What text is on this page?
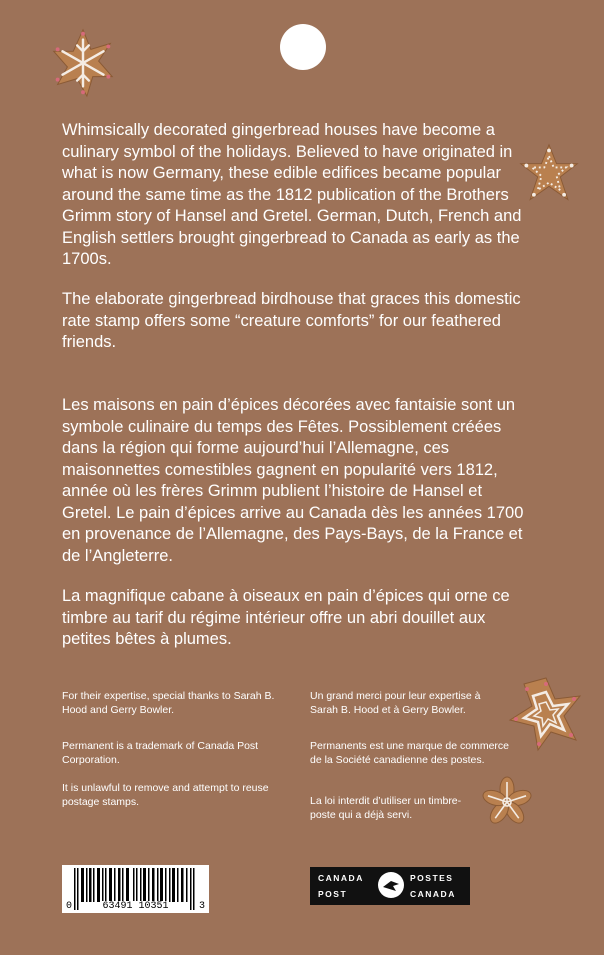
Whimsically decorated gingerbread houses have become a culinary symbol of the holidays. Believed to have originated in what is now Germany, these edible edifices became popular around the same time as the 1812 publication of the Brothers Grimm story of Hansel and Gretel. German, Dutch, French and English settlers brought gingerbread to Canada as early as the 1700s.

The elaborate gingerbread birdhouse that graces this domestic rate stamp offers some “creature comforts” for our feathered friends.

Les maisons en pain d’épices décorées avec fantaisie sont un symbole culinaire du temps des Fêtes. Possiblement créées dans la région qui forme aujourd’hui l’Allemagne, ces maisonnettes comestibles gagnent en popularité vers 1812, année où les frères Grimm publient l’histoire de Hansel et Gretel. Le pain d’épices arrive au Canada dès les années 1700 en provenance de l’Allemagne, des Pays-Bays, de la France et de l’Angleterre.

La magnifique cabane à oiseaux en pain d’épices qui orne ce timbre au tarif du régime intérieur offre un abri douillet aux petites bêtes à plumes.

For their expertise, special thanks to Sarah B. Hood and Gerry Bowler.

Permanent is a trademark of Canada Post Corporation.

It is unlawful to remove and attempt to reuse postage stamps.

Un grand merci pour leur expertise à Sarah B. Hood et à Gerry Bowler.

Permanents est une marque de commerce de la Société canadienne des postes.

La loi interdit d’utiliser un timbre-poste qui a déjà servi.

0	63491 10351	3
CANADA
POST
POSTES
CANADA
